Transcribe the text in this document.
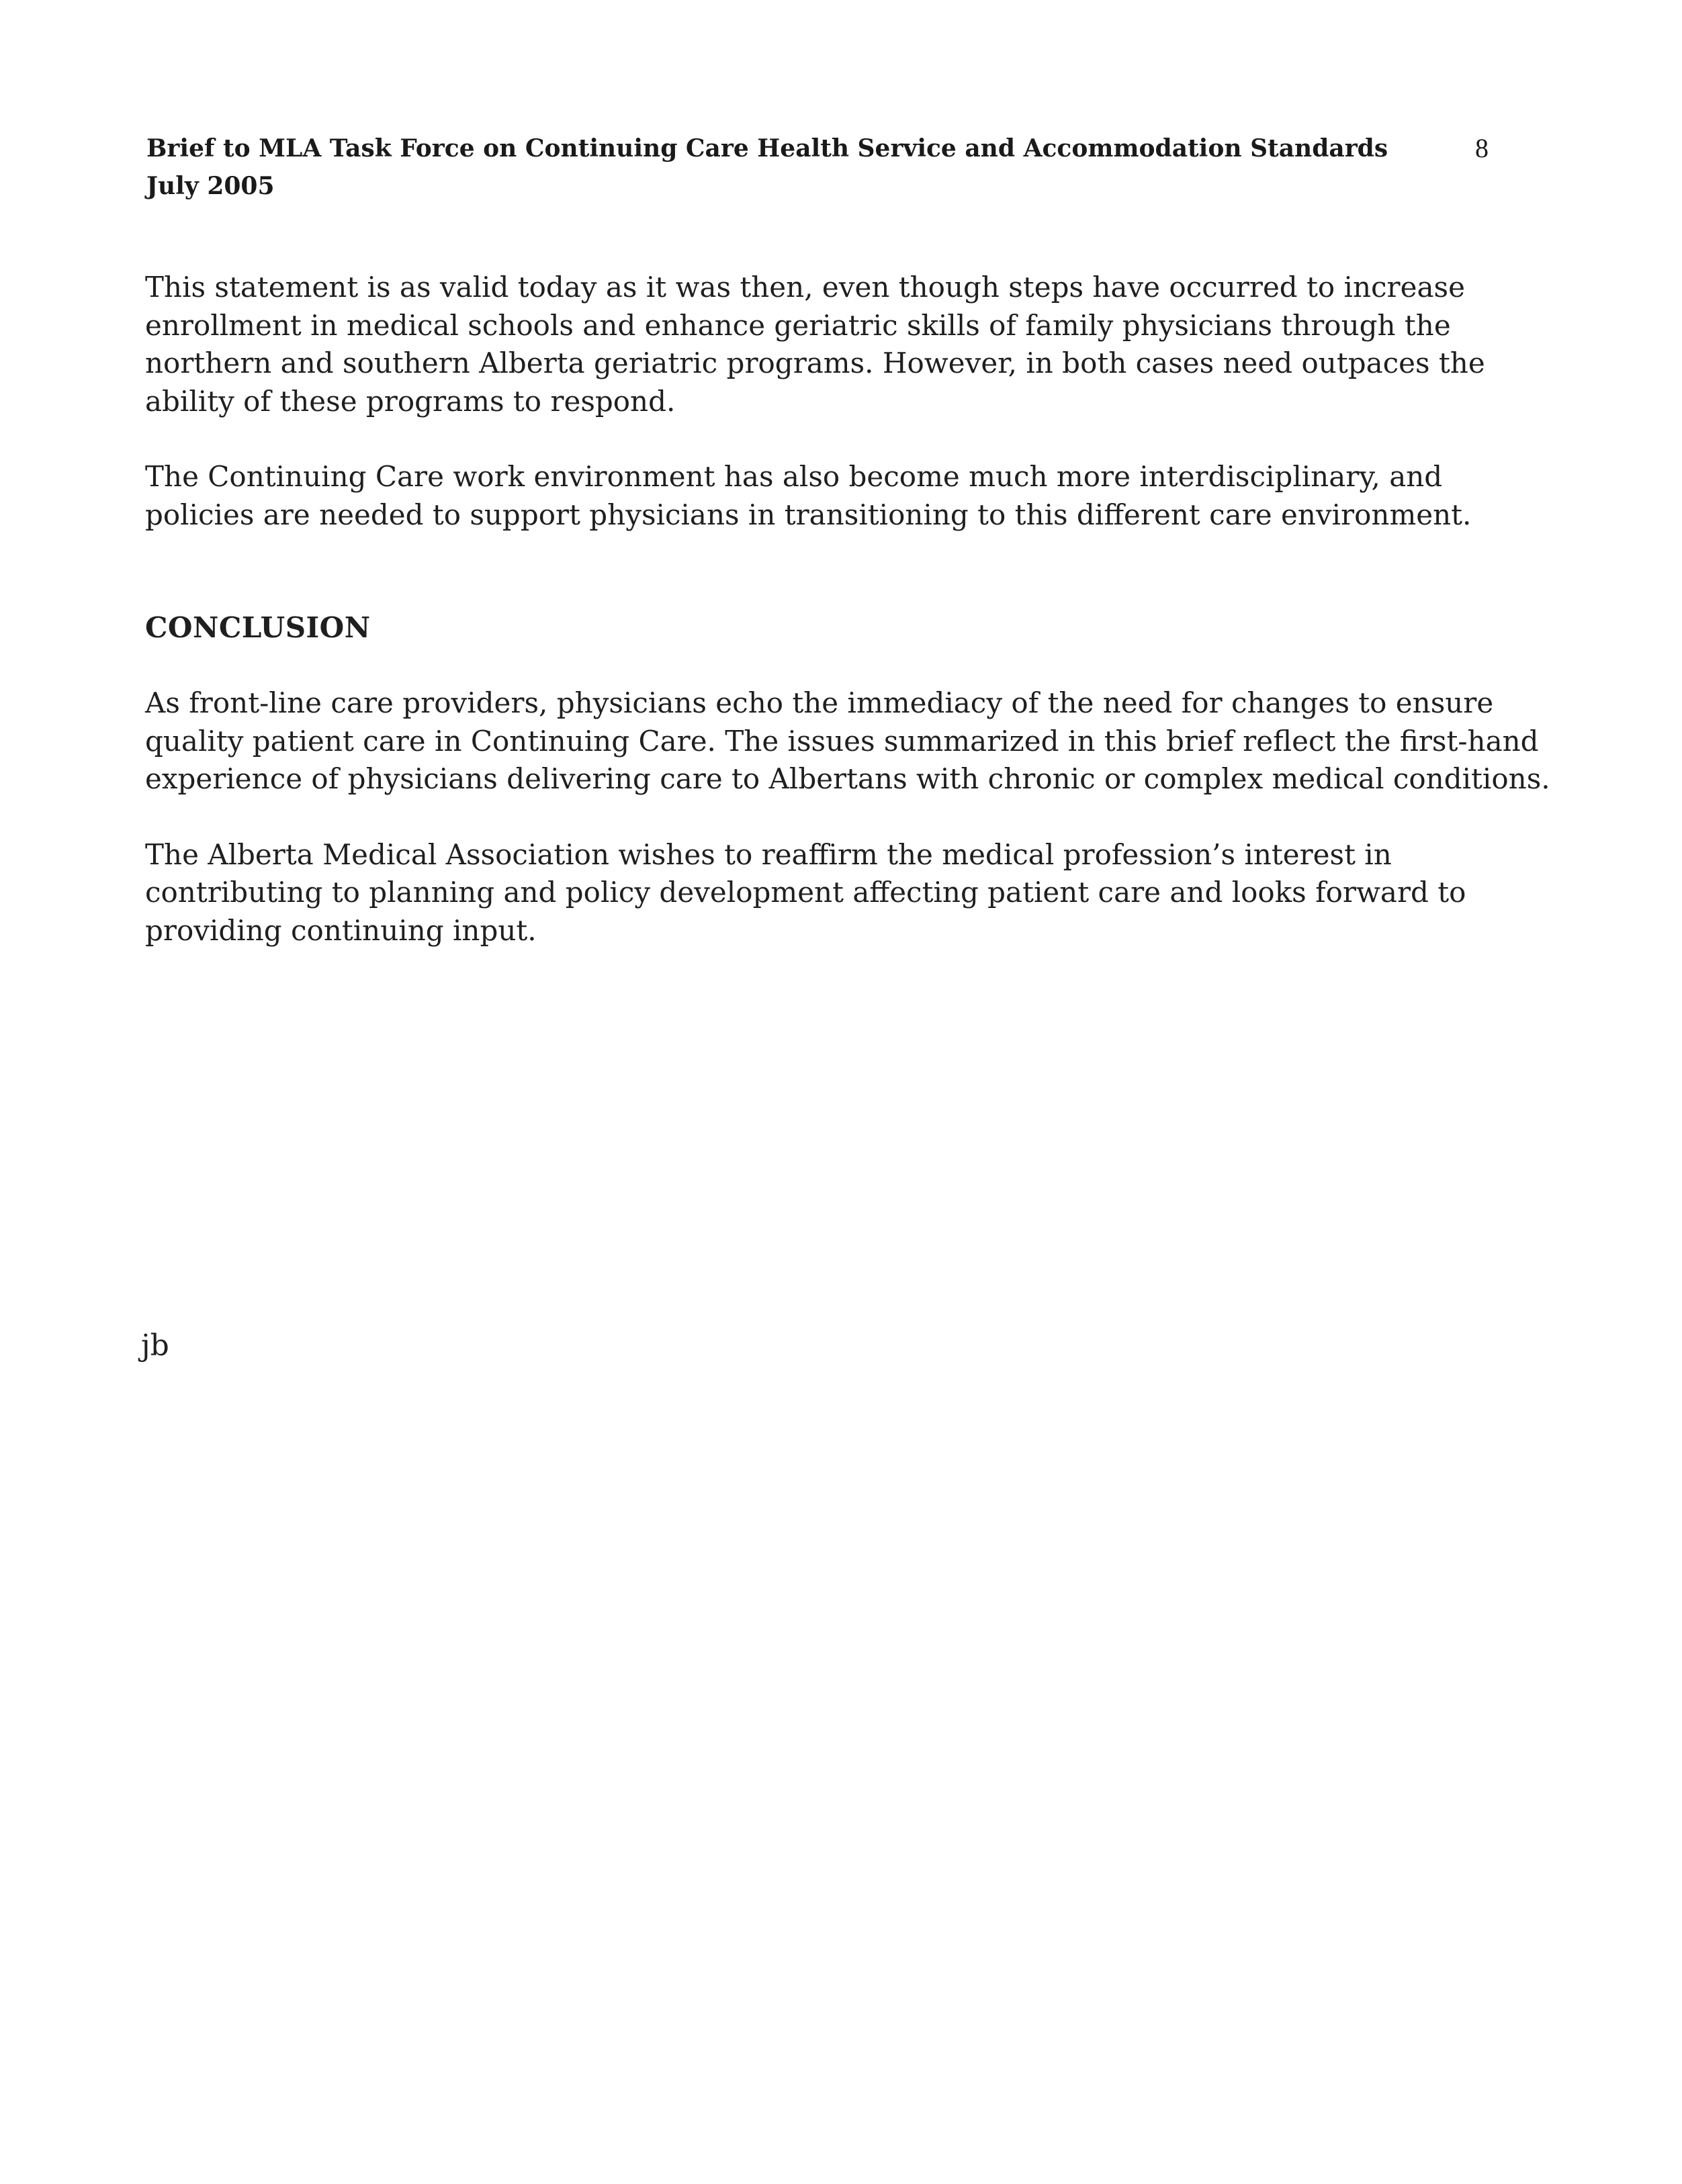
Brief to MLA Task Force on Continuing Care Health Service and Accommodation Standards
July 2005
8

This statement is as valid today as it was then, even though steps have occurred to increase
enrollment in medical schools and enhance geriatric skills of family physicians through the
northern and southern Alberta geriatric programs. However, in both cases need outpaces the
ability of these programs to respond.

The Continuing Care work environment has also become much more interdisciplinary, and
policies are needed to support physicians in transitioning to this different care environment.

CONCLUSION

As front-line care providers, physicians echo the immediacy of the need for changes to ensure
quality patient care in Continuing Care. The issues summarized in this brief reflect the first-hand
experience of physicians delivering care to Albertans with chronic or complex medical conditions.

The Alberta Medical Association wishes to reaffirm the medical profession’s interest in
contributing to planning and policy development affecting patient care and looks forward to
providing continuing input.

jb
